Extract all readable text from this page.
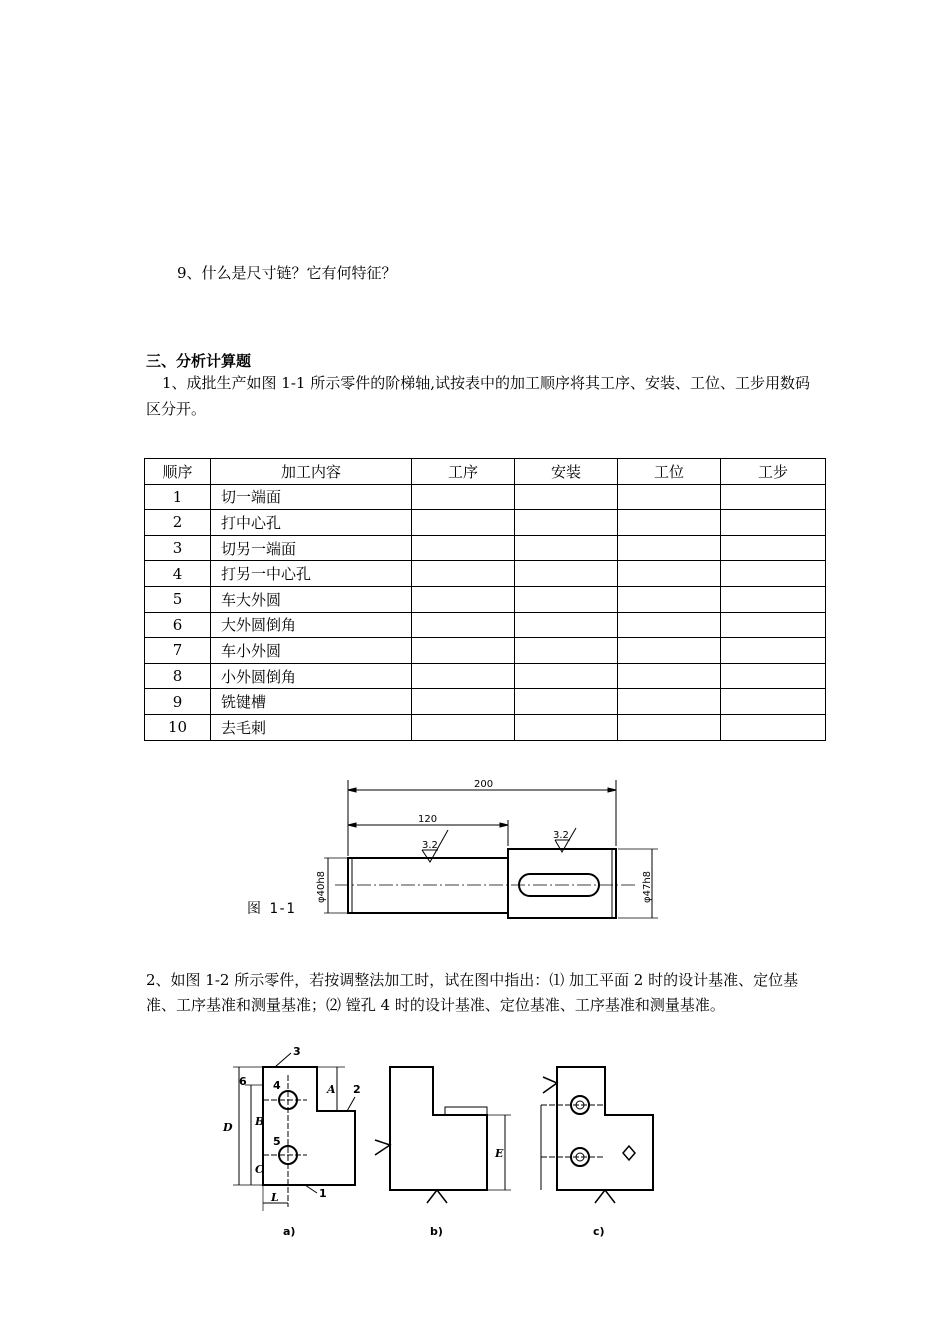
9、什么是尺寸链？它有何特征？
三、分析计算题
1、成批生产如图 1-1 所示零件的阶梯轴,试按表中的加工顺序将其工序、安装、工位、工步用数码区分开。
顺序	加工内容	工序	安装	工位	工步
1	切一端面				
2	打中心孔				
3	切另一端面				
4	打另一中心孔				
5	车大外圆				
6	大外圆倒角				
7	车小外圆				
8	小外圆倒角				
9	铣键槽				
10	去毛刺				
图 1-1
200
120
3.2
3.2
φ40h8	φ47h8
2、如图 1-2 所示零件，若按调整法加工时，试在图中指出：⑴ 加工平面 2 时的设计基准、定位基准、工序基准和测量基准；⑵ 镗孔 4 时的设计基准、定位基准、工序基准和测量基准。
D B
C
A
L
E
4
5
6
3
2
1
a)	b)	c)
